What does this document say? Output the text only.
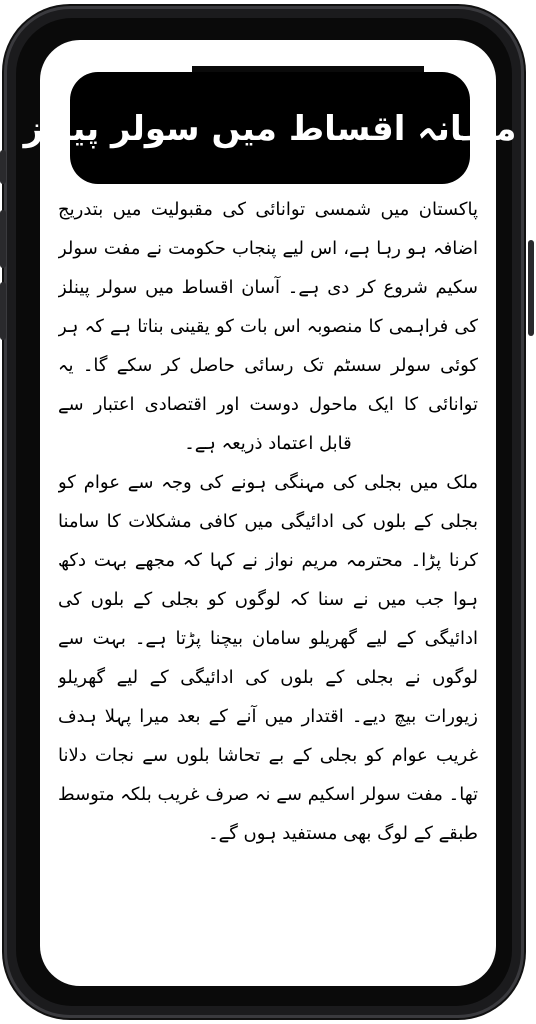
ماہانہ اقساط میں سولر پینلز

پاکستان میں شمسی توانائی کی مقبولیت میں بتدریج اضافہ ہو رہا ہے، اس لیے پنجاب حکومت نے مفت سولر سکیم شروع کر دی ہے۔ آسان اقساط میں سولر پینلز کی فراہمی کا منصوبہ اس بات کو یقینی بناتا ہے کہ ہر کوئی سولر سسٹم تک رسائی حاصل کر سکے گا۔ یہ توانائی کا ایک ماحول دوست اور اقتصادی اعتبار سے قابل اعتماد ذریعہ ہے۔

ملک میں بجلی کی مہنگی ہونے کی وجہ سے عوام کو بجلی کے بلوں کی ادائیگی میں کافی مشکلات کا سامنا کرنا پڑا۔ محترمہ مریم نواز نے کہا کہ مجھے بہت دکھ ہوا جب میں نے سنا کہ لوگوں کو بجلی کے بلوں کی ادائیگی کے لیے گھریلو سامان بیچنا پڑتا ہے۔ بہت سے لوگوں نے بجلی کے بلوں کی ادائیگی کے لیے گھریلو زیورات بیچ دیے۔ اقتدار میں آنے کے بعد میرا پہلا ہدف غریب عوام کو بجلی کے بے تحاشا بلوں سے نجات دلانا تھا۔ مفت سولر اسکیم سے نہ صرف غریب بلکہ متوسط طبقے کے لوگ بھی مستفید ہوں گے۔
